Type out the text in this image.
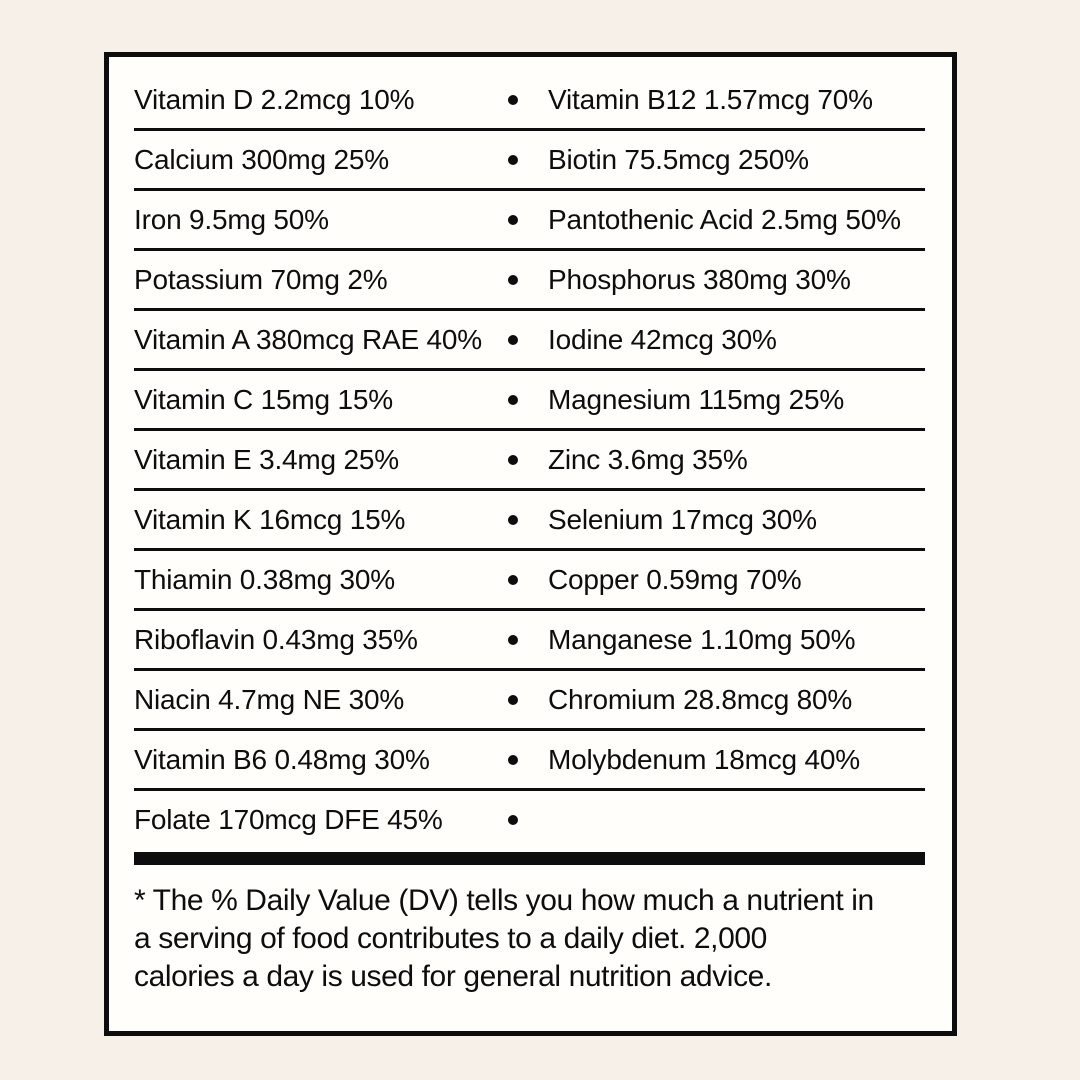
Vitamin D 2.2mcg 10%	Vitamin B12 1.57mcg 70%
Calcium 300mg 25%	Biotin 75.5mcg 250%
Iron 9.5mg 50%	Pantothenic Acid 2.5mg 50%
Potassium 70mg 2%	Phosphorus 380mg 30%
Vitamin A 380mcg RAE 40%	Iodine 42mcg 30%
Vitamin C 15mg 15%	Magnesium 115mg 25%
Vitamin E 3.4mg 25%	Zinc 3.6mg 35%
Vitamin K 16mcg 15%	Selenium 17mcg 30%
Thiamin 0.38mg 30%	Copper 0.59mg 70%
Riboflavin 0.43mg 35%	Manganese 1.10mg 50%
Niacin 4.7mg NE 30%	Chromium 28.8mcg 80%
Vitamin B6 0.48mg 30%	Molybdenum 18mcg 40%
Folate 170mcg DFE 45%
* The % Daily Value (DV) tells you how much a nutrient in
a serving of food contributes to a daily diet. 2,000
calories a day is used for general nutrition advice.
